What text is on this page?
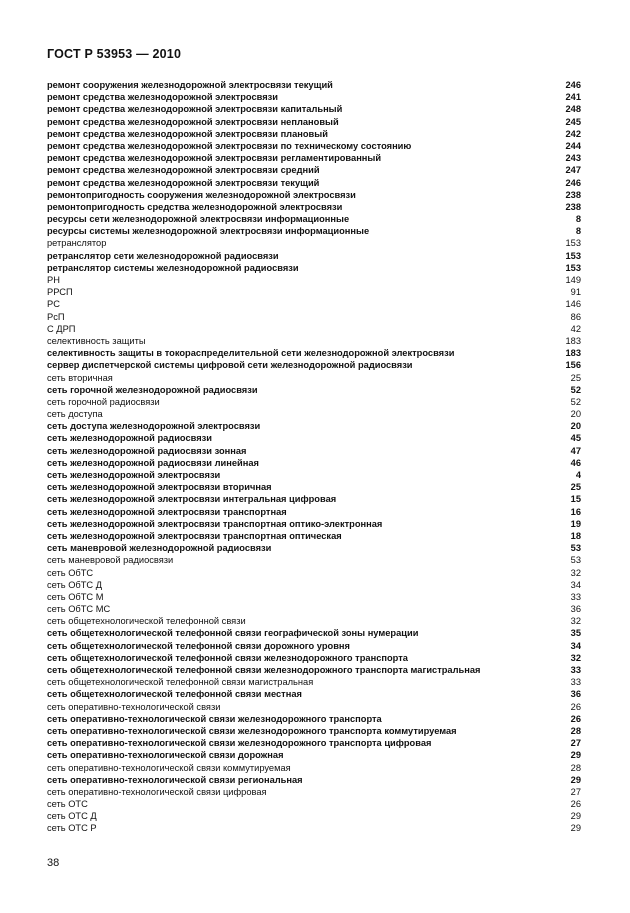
ГОСТ Р 53953 — 2010
ремонт сооружения железнодорожной электросвязи текущий	246
ремонт средства железнодорожной электросвязи	241
ремонт средства железнодорожной электросвязи капитальный	248
ремонт средства железнодорожной электросвязи неплановый	245
ремонт средства железнодорожной электросвязи плановый	242
ремонт средства железнодорожной электросвязи по техническому состоянию	244
ремонт средства железнодорожной электросвязи регламентированный	243
ремонт средства железнодорожной электросвязи средний	247
ремонт средства железнодорожной электросвязи текущий	246
ремонтопригодность сооружения железнодорожной электросвязи	238
ремонтопригодность средства железнодорожной электросвязи	238
ресурсы сети железнодорожной электросвязи информационные	8
ресурсы системы железнодорожной электросвязи информационные	8
ретранслятор	153
ретранслятор сети железнодорожной радиосвязи	153
ретранслятор системы железнодорожной радиосвязи	153
РН	149
РРСП	91
PC	146
РсП	86
С ДРП	42
селективность защиты	183
селективность защиты в токораспределительной сети железнодорожной электросвязи	183
сервер диспетчерской системы цифровой сети железнодорожной радиосвязи	156
сеть вторичная	25
сеть горочной железнодорожной радиосвязи	52
сеть горочной радиосвязи	52
сеть доступа	20
сеть доступа железнодорожной электросвязи	20
сеть железнодорожной радиосвязи	45
сеть железнодорожной радиосвязи зонная	47
сеть железнодорожной радиосвязи линейная	46
сеть железнодорожной электросвязи	4
сеть железнодорожной электросвязи вторичная	25
сеть железнодорожной электросвязи интегральная цифровая	15
сеть железнодорожной электросвязи транспортная	16
сеть железнодорожной электросвязи транспортная оптико-электронная	19
сеть железнодорожной электросвязи транспортная оптическая	18
сеть маневровой железнодорожной радиосвязи	53
сеть маневровой радиосвязи	53
сеть ОбТС	32
сеть ОбТС Д	34
сеть ОбТС М	33
сеть ОбТС МС	36
сеть общетехнологической телефонной связи	32
сеть общетехнологической телефонной связи географической зоны нумерации	35
сеть общетехнологической телефонной связи дорожного уровня	34
сеть общетехнологической телефонной связи железнодорожного транспорта	32
сеть общетехнологической телефонной связи железнодорожного транспорта магистральная	33
сеть общетехнологической телефонной связи магистральная	33
сеть общетехнологической телефонной связи местная	36
сеть оперативно-технологической связи	26
сеть оперативно-технологической связи железнодорожного транспорта	26
сеть оперативно-технологической связи железнодорожного транспорта коммутируемая	28
сеть оперативно-технологической связи железнодорожного транспорта цифровая	27
сеть оперативно-технологической связи дорожная	29
сеть оперативно-технологической связи коммутируемая	28
сеть оперативно-технологической связи региональная	29
сеть оперативно-технологической связи цифровая	27
сеть ОТС	26
сеть ОТС Д	29
сеть ОТС Р	29
38
